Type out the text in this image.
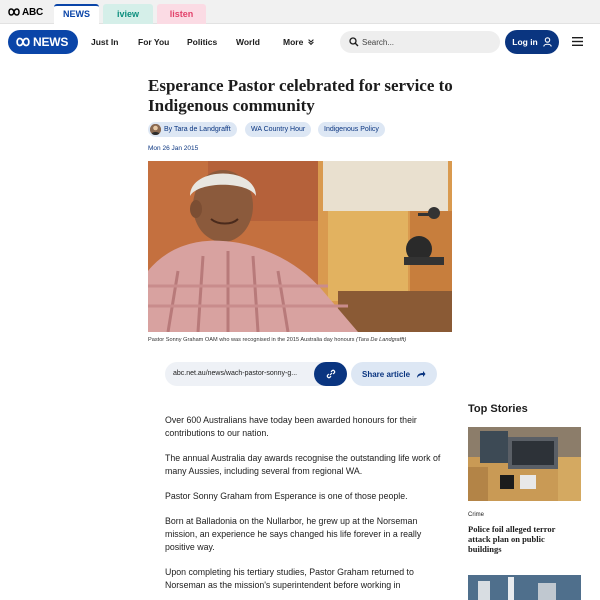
ABC	NEWS	iview	listen
NEWS	Just In For You Politics World	More
Search...	Log in
Esperance Pastor celebrated for service to Indigenous community
By Tara de Landgrafft	WA Country Hour	Indigenous Policy
Mon 26 Jan 2015
Pastor Sonny Graham OAM who was recognised in the 2015 Australia day honours (Tara De Landgrafft)
abc.net.au/news/wach-pastor-sonny-g...	Share article

Over 600 Australians have today been awarded honours for their contributions to our nation.

The annual Australia day awards recognise the outstanding life work of many Aussies, including several from regional WA.

Pastor Sonny Graham from Esperance is one of those people.

Born at Balladonia on the Nullarbor, he grew up at the Norseman mission, an experience he says changed his life forever in a really positive way.

Upon completing his tertiary studies, Pastor Graham returned to Norseman as the mission's superintendent before working in

Top Stories
Crime
Police foil alleged terror attack plan on public buildings
